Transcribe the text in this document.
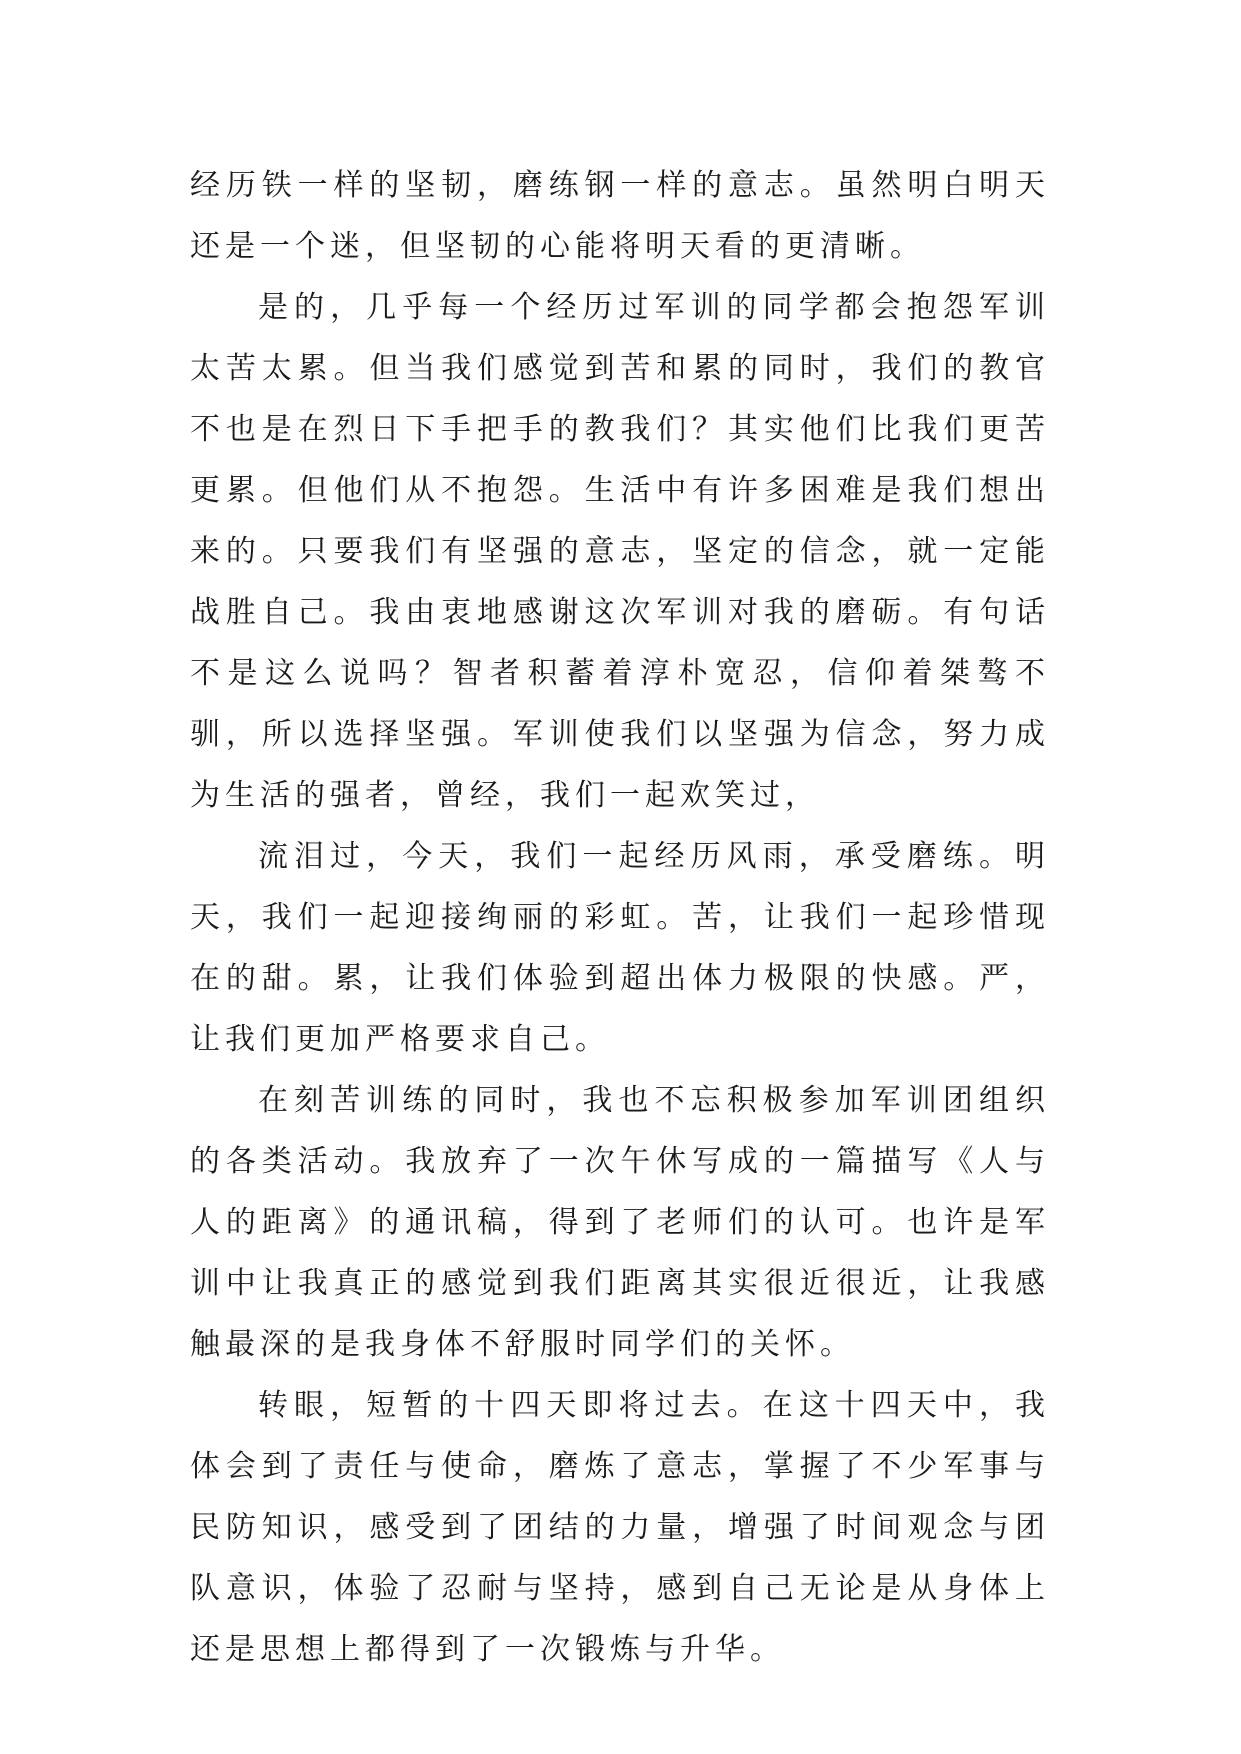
经历铁一样的坚韧，磨练钢一样的意志。虽然明白明天还是一个迷，但坚韧的心能将明天看的更清晰。

是的，几乎每一个经历过军训的同学都会抱怨军训太苦太累。但当我们感觉到苦和累的同时，我们的教官不也是在烈日下手把手的教我们？其实他们比我们更苦更累。但他们从不抱怨。生活中有许多困难是我们想出来的。只要我们有坚强的意志，坚定的信念，就一定能战胜自己。我由衷地感谢这次军训对我的磨砺。有句话不是这么说吗？智者积蓄着淳朴宽忍，信仰着桀骜不驯，所以选择坚强。军训使我们以坚强为信念，努力成为生活的强者，曾经，我们一起欢笑过，

流泪过，今天，我们一起经历风雨，承受磨练。明天，我们一起迎接绚丽的彩虹。苦，让我们一起珍惜现在的甜。累，让我们体验到超出体力极限的快感。严，让我们更加严格要求自己。

在刻苦训练的同时，我也不忘积极参加军训团组织的各类活动。我放弃了一次午休写成的一篇描写《人与人的距离》的通讯稿，得到了老师们的认可。也许是军训中让我真正的感觉到我们距离其实很近很近，让我感触最深的是我身体不舒服时同学们的关怀。

转眼，短暂的十四天即将过去。在这十四天中，我体会到了责任与使命，磨炼了意志，掌握了不少军事与民防知识，感受到了团结的力量，增强了时间观念与团队意识，体验了忍耐与坚持，感到自己无论是从身体上还是思想上都得到了一次锻炼与升华。
